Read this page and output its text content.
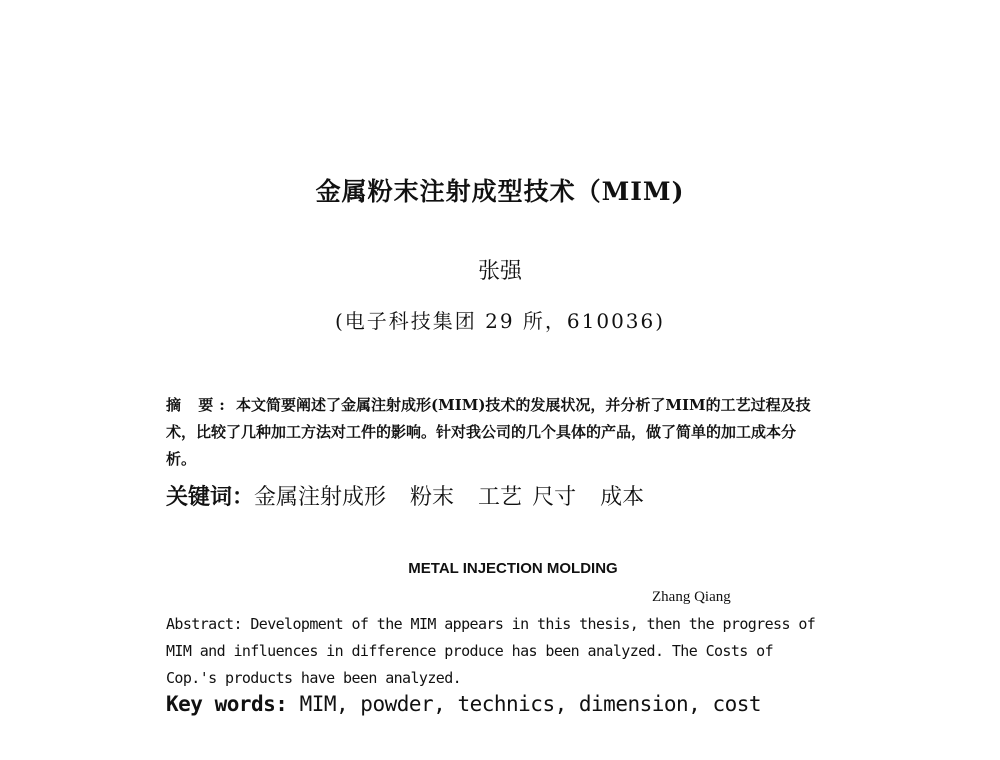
金属粉末注射成型技术（MIM)
张强
(电子科技集团 29 所，610036)
摘 要: 本文简要阐述了金属注射成形(MIM)技术的发展状况，并分析了MIM的工艺过程及技术，比较了几种加工方法对工件的影响。针对我公司的几个具体的产品，做了简单的加工成本分析。
关键词：金属注射成形 粉末 工艺 尺寸 成本
METAL INJECTION MOLDING
Zhang Qiang
Abstract: Development of the MIM appears in this thesis, then the progress of MIM and influences in difference produce has been analyzed. The Costs of Cop.'s products have been analyzed.
Key words: MIM, powder, technics, dimension, cost
